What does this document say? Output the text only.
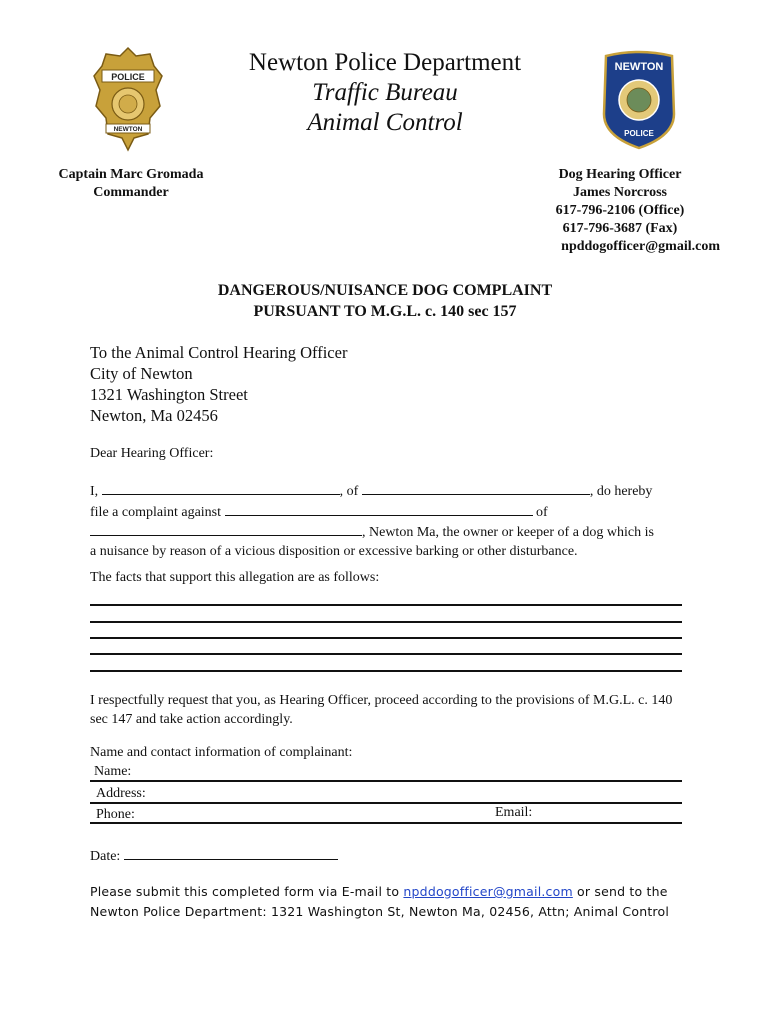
POLICE
NEWTON
Newton Police Department
Traffic Bureau
Animal Control
NEWTON
POLICE
Captain Marc Gromada
Commander
Dog Hearing Officer
James Norcross
617-796-2106 (Office)
617-796-3687 (Fax)
npddogofficer@gmail.com
DANGEROUS/NUISANCE DOG COMPLAINT
PURSUANT TO M.G.L. c. 140 sec 157
To the Animal Control Hearing Officer
City of Newton
1321 Washington Street
Newton, Ma 02456
Dear Hearing Officer:
I,	, of	, do hereby
file a complaint against	of
, Newton Ma, the owner or keeper of a dog which is
a nuisance by reason of a vicious disposition or excessive barking or other disturbance.
The facts that support this allegation are as follows:
I respectfully request that you, as Hearing Officer, proceed according to the provisions of M.G.L. c. 140 sec 147 and take action accordingly.
Name and contact information of complainant:
Name:
Address:
Phone:	Email:
Date:
Please submit this completed form via E-mail to npddogofficer@gmail.com or send to the Newton Police Department: 1321 Washington St, Newton Ma, 02456, Attn; Animal Control
